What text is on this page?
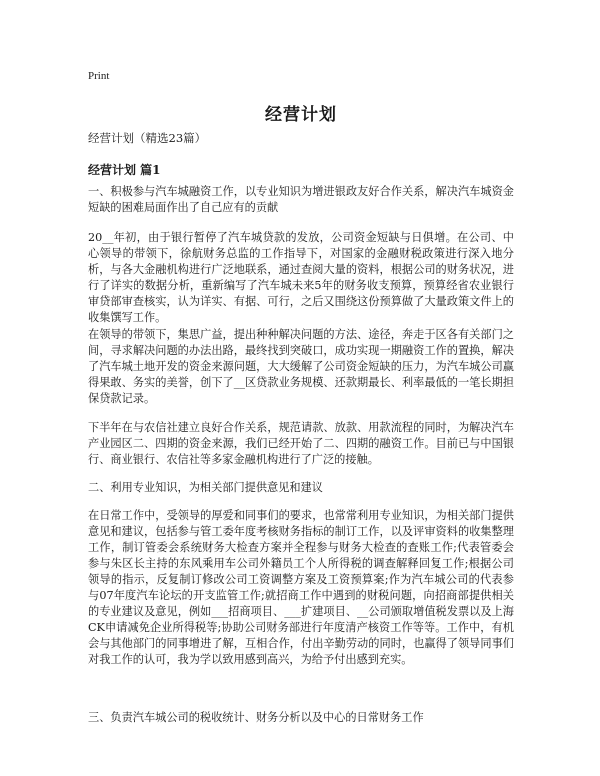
Print
经营计划
经营计划（精选23篇）
经营计划 篇1

一、积极参与汽车城融资工作，以专业知识为增进银政友好合作关系，解决汽车城资金短缺的困难局面作出了自己应有的贡献

20__年初，由于银行暂停了汽车城贷款的发放，公司资金短缺与日俱增。在公司、中心领导的带领下，徐航财务总监的工作指导下，对国家的金融财税政策进行深入地分析，与各大金融机构进行广泛地联系，通过查阅大量的资料，根据公司的财务状况，进行了详实的数据分析，重新编写了汽车城未来5年的财务收支预算，预算经省农业银行审贷部审查核实，认为详实、有据、可行，之后又围绕这份预算做了大量政策文件上的收集馔写工作。

在领导的带领下，集思广益，提出种种解决问题的方法、途径，奔走于区各有关部门之间，寻求解决问题的办法出路，最终找到突破口，成功实现一期融资工作的置换，解决了汽车城土地开发的资金来源问题，大大缓解了公司资金短缺的压力，为汽车城公司赢得果敢、务实的美誉，创下了__区贷款业务规模、还款期最长、利率最低的一笔长期担保贷款记录。

下半年在与农信社建立良好合作关系，规范请款、放款、用款流程的同时，为解决汽车产业园区二、四期的资金来源，我们已经开始了二、四期的融资工作。目前已与中国银行、商业银行、农信社等多家金融机构进行了广泛的接触。

二、利用专业知识，为相关部门提供意见和建议

在日常工作中，受领导的厚爱和同事们的要求，也常常利用专业知识，为相关部门提供意见和建议，包括参与管工委年度考核财务指标的制订工作，以及评审资料的收集整理工作，制订管委会系统财务大检查方案并全程参与财务大检查的查账工作;代表管委会参与朱区长主持的东风乘用车公司外籍员工个人所得税的调查解释回复工作;根据公司领导的指示，反复制订修改公司工资调整方案及工资预算案;作为汽车城公司的代表参与07年度汽车论坛的开支监管工作;就招商工作中遇到的财税问题，向招商部提供相关的专业建议及意见，例如___招商项目、___扩建项目、__公司颁取增值税发票以及上海CK申请减免企业所得税等;协助公司财务部进行年度清产核资工作等等。工作中，有机会与其他部门的同事增进了解，互相合作，付出辛勤劳动的同时，也赢得了领导同事们对我工作的认可，我为学以致用感到高兴，为给予付出感到充实。

三、负责汽车城公司的税收统计、财务分析以及中心的日常财务工作
